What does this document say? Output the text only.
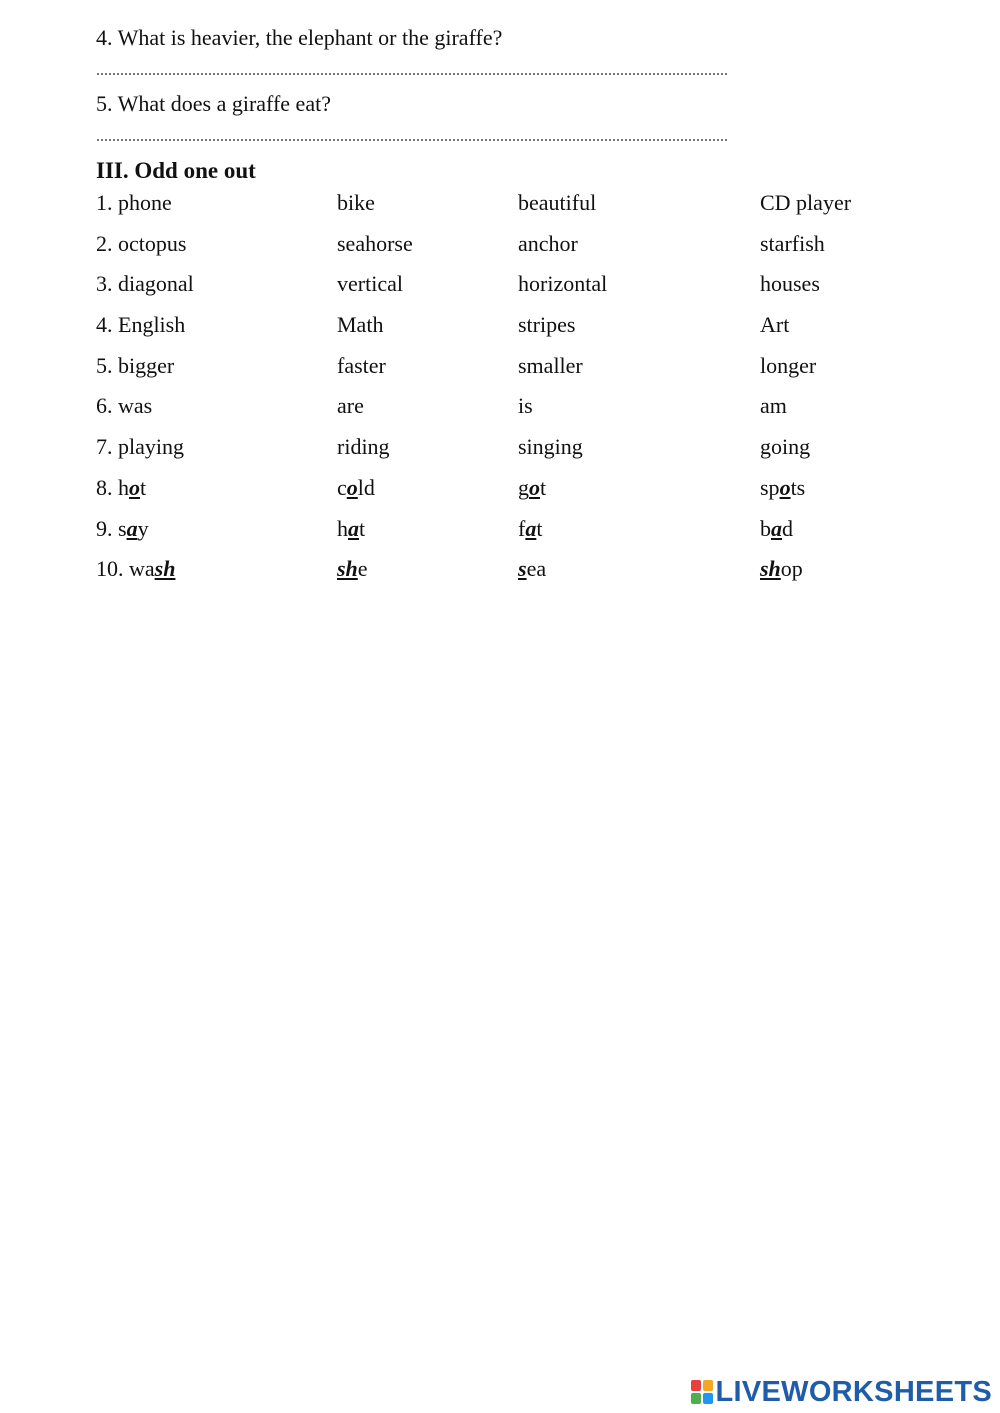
4. What is heavier, the elephant or the giraffe?
5. What does a giraffe eat?
III. Odd one out
1. phone	bike	beautiful	CD player
2. octopus	seahorse	anchor	starfish
3. diagonal	vertical	horizontal	houses
4. English	Math	stripes	Art
5. bigger	faster	smaller	longer
6. was	are	is	am
7. playing	riding	singing	going
8. hot	cold	got	spots
9. say	hat	fat	bad
10. wash	she	sea	shop
LIVEWORKSHEETS
